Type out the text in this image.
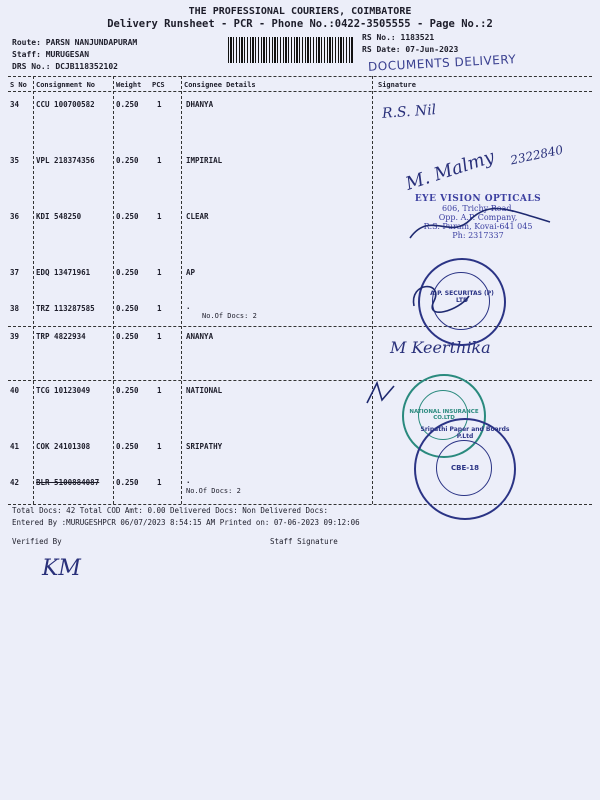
THE PROFESSIONAL COURIERS, COIMBATORE
Delivery Runsheet - PCR - Phone No.:0422-3505555 - Page No.:2
Route: PARSN NANJUNDAPURAM
Staff: MURUGESAN
DRS No.: DCJB118352102
RS No.: 1183521
RS Date: 07-Jun-2023
DOCUMENTS DELIVERY
S No Consignment No	Weight PCS	Consignee Details	Signature
34 CCU 100700582	0.250 1	DHANYA
35 VPL 218374356	0.250 1	IMPIRIAL
36 KDI 548250	0.250 1	CLEAR
37 EDQ 13471961	0.250 1	AP
38 TRZ 113287585	0.250 1	.
No.Of Docs: 2
39 TRP 4822934	0.250 1	ANANYA
40 TCG 10123049	0.250 1	NATIONAL
41 COK 24101308	0.250 1	SRIPATHY
42 BLR 5100884087 0.250 1	.
No.Of Docs: 2
R.S. Nil
M. Malmy 2322840
M Keerthika
EYE VISION OPTICALS
606, Trichy Road,
Opp. A.P. Company,
R.S. Puram, Kovai-641 045
Ph: 2317337
A.P. SECURITAS (P) LTD
NATIONAL INSURANCE CO.LTD
Sripathi Paper and Boards P.Ltd
CBE-18
Total Docs: 42 Total COD Amt: 0.00 Delivered Docs: Non Delivered Docs:
Entered By :MURUGESHPCR 06/07/2023 8:54:15 AM Printed on: 07-06-2023 09:12:06
Verified By	Staff Signature
KM
